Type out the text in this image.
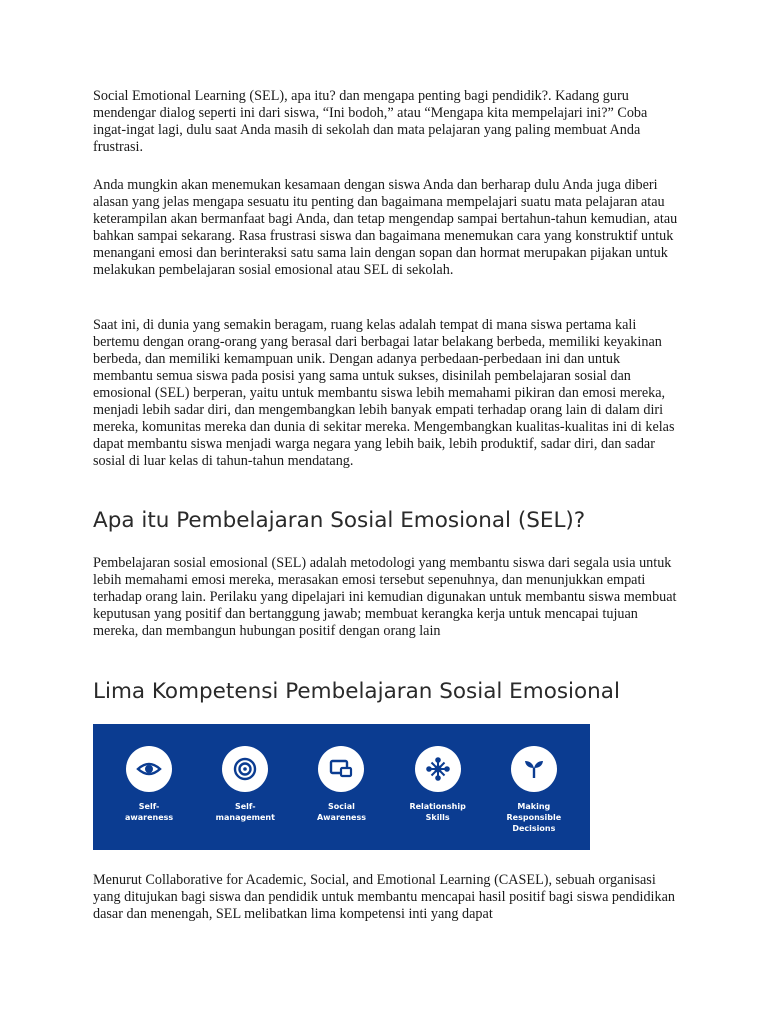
Social Emotional Learning (SEL), apa itu? dan mengapa penting bagi pendidik?. Kadang guru mendengar dialog seperti ini dari siswa, “Ini bodoh,” atau “Mengapa kita mempelajari ini?” Coba ingat-ingat lagi, dulu saat Anda masih di sekolah dan mata pelajaran yang paling membuat Anda frustrasi.

Anda mungkin akan menemukan kesamaan dengan siswa Anda dan berharap dulu Anda juga diberi alasan yang jelas mengapa sesuatu itu penting dan bagaimana mempelajari suatu mata pelajaran atau keterampilan akan bermanfaat bagi Anda, dan tetap mengendap sampai bertahun-tahun kemudian, atau bahkan sampai sekarang. Rasa frustrasi siswa dan bagaimana menemukan cara yang konstruktif untuk menangani emosi dan berinteraksi satu sama lain dengan sopan dan hormat merupakan pijakan untuk melakukan pembelajaran sosial emosional atau SEL di sekolah.

Saat ini, di dunia yang semakin beragam, ruang kelas adalah tempat di mana siswa pertama kali bertemu dengan orang-orang yang berasal dari berbagai latar belakang berbeda, memiliki keyakinan berbeda, dan memiliki kemampuan unik. Dengan adanya perbedaan-perbedaan ini dan untuk membantu semua siswa pada posisi yang sama untuk sukses, disinilah pembelajaran sosial dan emosional (SEL) berperan, yaitu untuk membantu siswa lebih memahami pikiran dan emosi mereka, menjadi lebih sadar diri, dan mengembangkan lebih banyak empati terhadap orang lain di dalam diri mereka, komunitas mereka dan dunia di sekitar mereka. Mengembangkan kualitas-kualitas ini di kelas dapat membantu siswa menjadi warga negara yang lebih baik, lebih produktif, sadar diri, dan sadar sosial di luar kelas di tahun-tahun mendatang.

Apa itu Pembelajaran Sosial Emosional (SEL)?

Pembelajaran sosial emosional (SEL) adalah metodologi yang membantu siswa dari segala usia untuk lebih memahami emosi mereka, merasakan emosi tersebut sepenuhnya, dan menunjukkan empati terhadap orang lain. Perilaku yang dipelajari ini kemudian digunakan untuk membantu siswa membuat keputusan yang positif dan bertanggung jawab; membuat kerangka kerja untuk mencapai tujuan mereka, dan membangun hubungan positif dengan orang lain

Lima Kompetensi Pembelajaran Sosial Emosional
Self-
awareness
Self-
management
Social
Awareness
Relationship
Skills
Making
Responsible
Decisions

Menurut Collaborative for Academic, Social, and Emotional Learning (CASEL), sebuah organisasi yang ditujukan bagi siswa dan pendidik untuk membantu mencapai hasil positif bagi siswa pendidikan dasar dan menengah, SEL melibatkan lima kompetensi inti yang dapat
